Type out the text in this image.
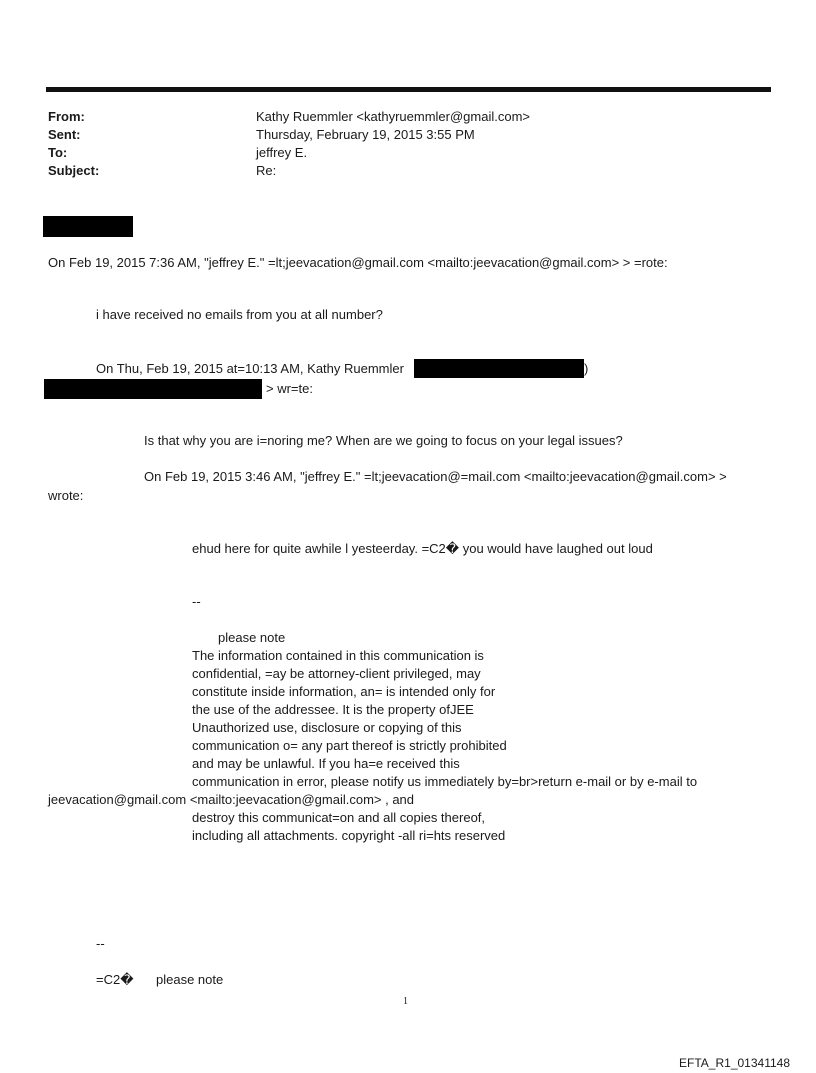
From:	Kathy Ruemmler <kathyruemmler@gmail.com>
Sent:	Thursday, February 19, 2015 3:55 PM
To:	jeffrey E.
Subject:	Re:
On Feb 19, 2015 7:36 AM, "jeffrey E." =lt;jeevacation@gmail.com <mailto:jeevacation@gmail.com> > =rote:
i have received no emails from you at all number?
On Thu, Feb 19, 2015 at=10:13 AM, Kathy Ruemmler	)
> wr=te:
Is that why you are i=noring me? When are we going to focus on your legal issues?
On Feb 19, 2015 3:46 AM, "jeffrey E." =lt;jeevacation@=mail.com <mailto:jeevacation@gmail.com> >
wrote:
ehud here for quite awhile l yesteerday. =C2� you would have laughed out loud
--
please note
The information contained in this communication is
confidential, =ay be attorney-client privileged, may
constitute inside information, an= is intended only for
the use of the addressee. It is the property ofJEE
Unauthorized use, disclosure or copying of this
communication o= any part thereof is strictly prohibited
and may be unlawful. If you ha=e received this
communication in error, please notify us immediately by=br>return e-mail or by e-mail to
jeevacation@gmail.com <mailto:jeevacation@gmail.com> , and
destroy this communicat=on and all copies thereof,
including all attachments. copyright -all ri=hts reserved
--
=C2� please note
1
EFTA_R1_01341148
